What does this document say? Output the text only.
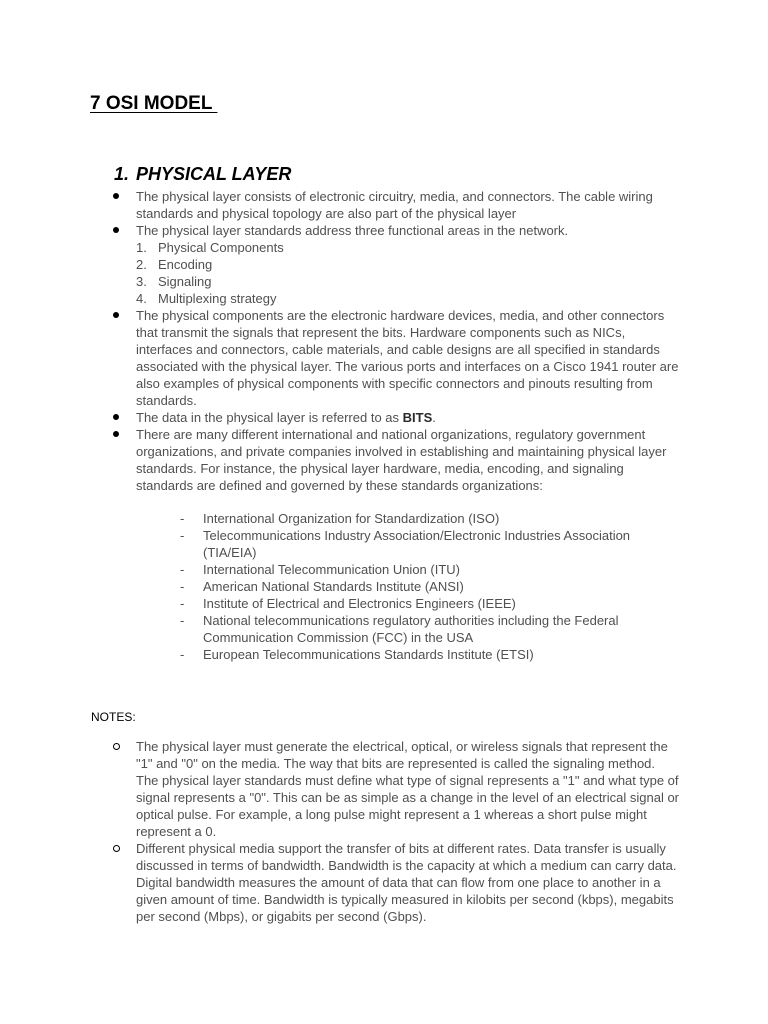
7 OSI MODEL
1. PHYSICAL LAYER
The physical layer consists of electronic circuitry, media, and connectors. The cable wiring standards and physical topology are also part of the physical layer
The physical layer standards address three functional areas in the network.
1. Physical Components
2. Encoding
3. Signaling
4. Multiplexing strategy
The physical components are the electronic hardware devices, media, and other connectors that transmit the signals that represent the bits. Hardware components such as NICs, interfaces and connectors, cable materials, and cable designs are all specified in standards associated with the physical layer. The various ports and interfaces on a Cisco 1941 router are also examples of physical components with specific connectors and pinouts resulting from standards.
The data in the physical layer is referred to as BITS.
There are many different international and national organizations, regulatory government organizations, and private companies involved in establishing and maintaining physical layer standards. For instance, the physical layer hardware, media, encoding, and signaling standards are defined and governed by these standards organizations:
- International Organization for Standardization (ISO)
- Telecommunications Industry Association/Electronic Industries Association (TIA/EIA)
- International Telecommunication Union (ITU)
- American National Standards Institute (ANSI)
- Institute of Electrical and Electronics Engineers (IEEE)
- National telecommunications regulatory authorities including the Federal Communication Commission (FCC) in the USA
- European Telecommunications Standards Institute (ETSI)

NOTES:

The physical layer must generate the electrical, optical, or wireless signals that represent the "1" and "0" on the media. The way that bits are represented is called the signaling method. The physical layer standards must define what type of signal represents a "1" and what type of signal represents a "0". This can be as simple as a change in the level of an electrical signal or optical pulse. For example, a long pulse might represent a 1 whereas a short pulse might represent a 0.
Different physical media support the transfer of bits at different rates. Data transfer is usually discussed in terms of bandwidth. Bandwidth is the capacity at which a medium can carry data. Digital bandwidth measures the amount of data that can flow from one place to another in a given amount of time. Bandwidth is typically measured in kilobits per second (kbps), megabits per second (Mbps), or gigabits per second (Gbps).
